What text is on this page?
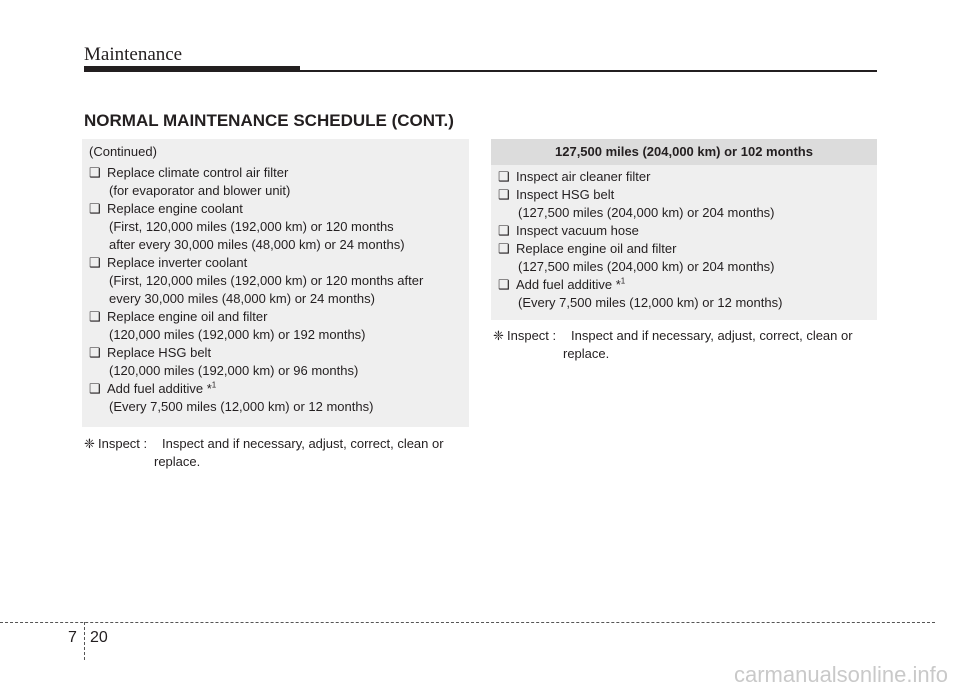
Maintenance
NORMAL MAINTENANCE SCHEDULE (CONT.)
(Continued)
❑ Replace climate control air filter
(for evaporator and blower unit)
❑ Replace engine coolant
(First, 120,000 miles (192,000 km) or 120 months
after every 30,000 miles (48,000 km) or 24 months)
❑ Replace inverter coolant
(First, 120,000 miles (192,000 km) or 120 months after
every 30,000 miles (48,000 km) or 24 months)
❑ Replace engine oil and filter
(120,000 miles (192,000 km) or 192 months)
❑ Replace HSG belt
(120,000 miles (192,000 km) or 96 months)
❑ Add fuel additive *$^1$
(Every 7,500 miles (12,000 km) or 12 months)
❈ Inspect :	Inspect and if necessary, adjust, correct, clean or
replace.
127,500 miles (204,000 km) or 102 months
❑ Inspect air cleaner filter
❑ Inspect HSG belt
(127,500 miles (204,000 km) or 204 months)
❑ Inspect vacuum hose
❑ Replace engine oil and filter
(127,500 miles (204,000 km) or 204 months)
❑ Add fuel additive *$^1$
(Every 7,500 miles (12,000 km) or 12 months)
❈ Inspect :	Inspect and if necessary, adjust, correct, clean or
replace.
7 20
carmanualsonline.info
